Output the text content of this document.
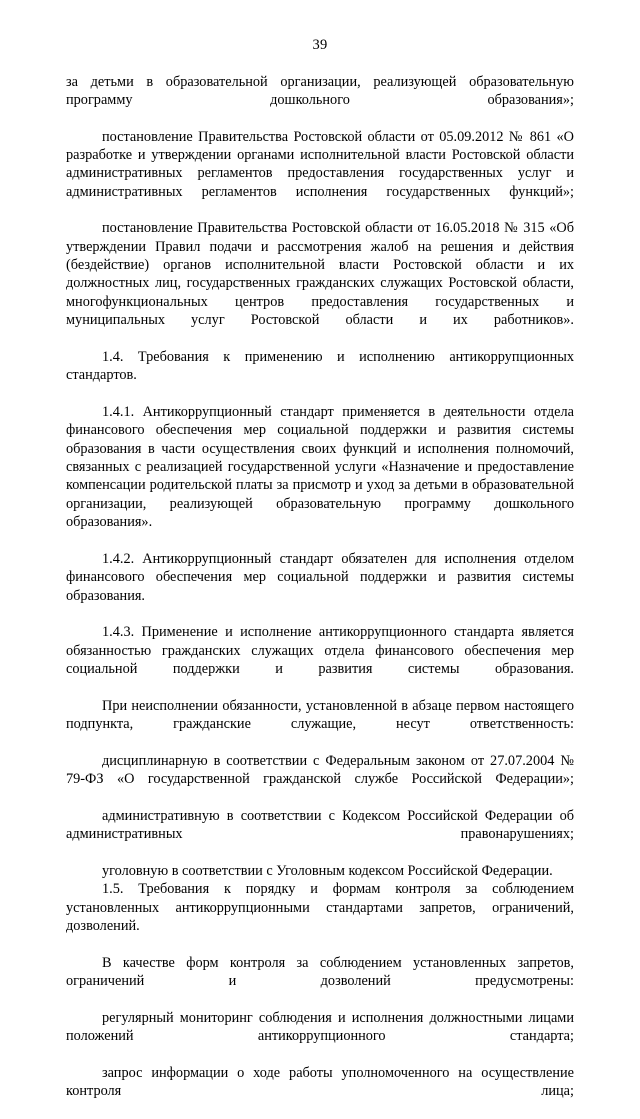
39

за детьми в образовательной организации, реализующей образовательную программу дошкольного образования»;

постановление Правительства Ростовской области от 05.09.2012 № 861 «О разработке и утверждении органами исполнительной власти Ростовской области административных регламентов предоставления государственных услуг и административных регламентов исполнения государственных функций»;

постановление Правительства Ростовской области от 16.05.2018 № 315 «Об утверждении Правил подачи и рассмотрения жалоб на решения и действия (бездействие) органов исполнительной власти Ростовской области и их должностных лиц, государственных гражданских служащих Ростовской области, многофункциональных центров предоставления государственных и муниципальных услуг Ростовской области и их работников».

1.4. Требования к применению и исполнению антикоррупционных стандартов.

1.4.1. Антикоррупционный стандарт применяется в деятельности отдела финансового обеспечения мер социальной поддержки и развития системы образования в части осуществления своих функций и исполнения полномочий, связанных с реализацией государственной услуги «Назначение и предоставление компенсации родительской платы за присмотр и уход за детьми в образовательной организации, реализующей образовательную программу дошкольного образования».

1.4.2. Антикоррупционный стандарт обязателен для исполнения отделом финансового обеспечения мер социальной поддержки и развития системы образования.

1.4.3. Применение и исполнение антикоррупционного стандарта является обязанностью гражданских служащих отдела финансового обеспечения мер социальной поддержки и развития системы образования.

При неисполнении обязанности, установленной в абзаце первом настоящего подпункта, гражданские служащие, несут ответственность:

дисциплинарную в соответствии с Федеральным законом от 27.07.2004 № 79-ФЗ «О государственной гражданской службе Российской Федерации»;

административную в соответствии с Кодексом Российской Федерации об административных правонарушениях;

уголовную в соответствии с Уголовным кодексом Российской Федерации.

1.5. Требования к порядку и формам контроля за соблюдением установленных антикоррупционными стандартами запретов, ограничений, дозволений.

В качестве форм контроля за соблюдением установленных запретов, ограничений и дозволений предусмотрены:

регулярный мониторинг соблюдения и исполнения должностными лицами положений антикоррупционного стандарта;

запрос информации о ходе работы уполномоченного на осуществление контроля лица;
